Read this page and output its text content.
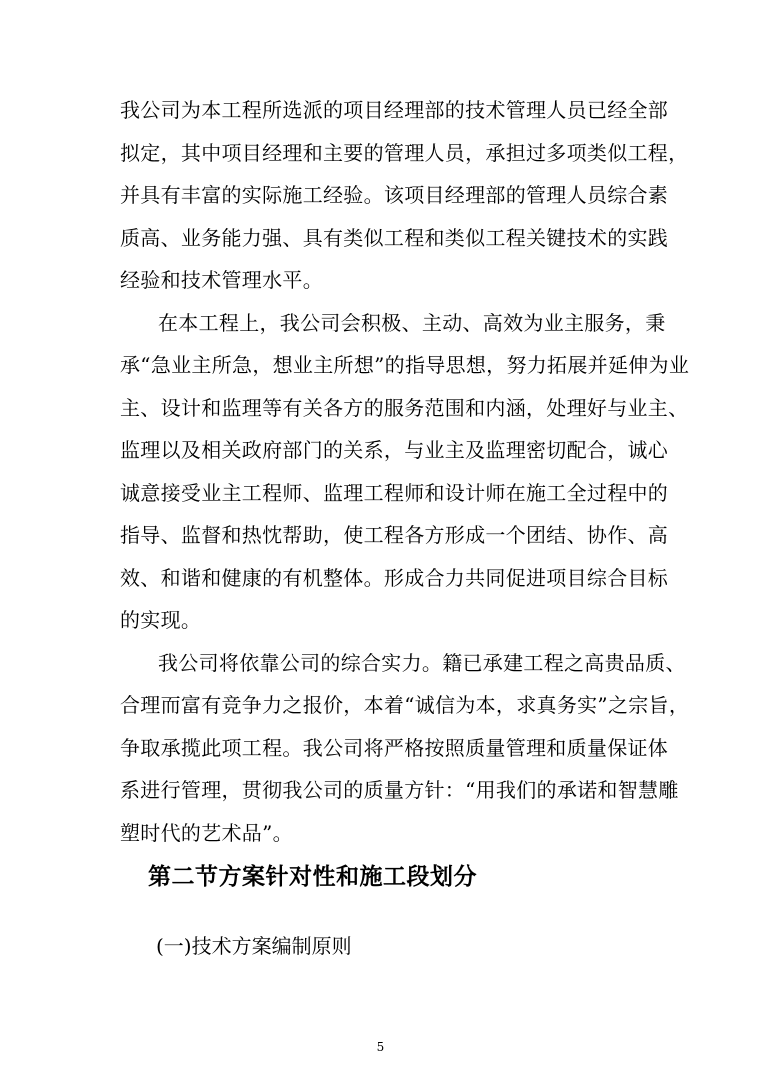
我公司为本工程所选派的项目经理部的技术管理人员已经全部
拟定，其中项目经理和主要的管理人员，承担过多项类似工程，
并具有丰富的实际施工经验。该项目经理部的管理人员综合素
质高、业务能力强、具有类似工程和类似工程关键技术的实践
经验和技术管理水平。
在本工程上，我公司会积极、主动、高效为业主服务，秉
承“急业主所急，想业主所想”的指导思想，努力拓展并延伸为业
主、设计和监理等有关各方的服务范围和内涵，处理好与业主、
监理以及相关政府部门的关系，与业主及监理密切配合，诚心
诚意接受业主工程师、监理工程师和设计师在施工全过程中的
指导、监督和热忱帮助，使工程各方形成一个团结、协作、高
效、和谐和健康的有机整体。形成合力共同促进项目综合目标
的实现。
我公司将依靠公司的综合实力。籍已承建工程之高贵品质、
合理而富有竞争力之报价，本着“诚信为本，求真务实”之宗旨，
争取承揽此项工程。我公司将严格按照质量管理和质量保证体
系进行管理，贯彻我公司的质量方针：“用我们的承诺和智慧雕
塑时代的艺术品”。
第二节方案针对性和施工段划分
(一)技术方案编制原则
5
